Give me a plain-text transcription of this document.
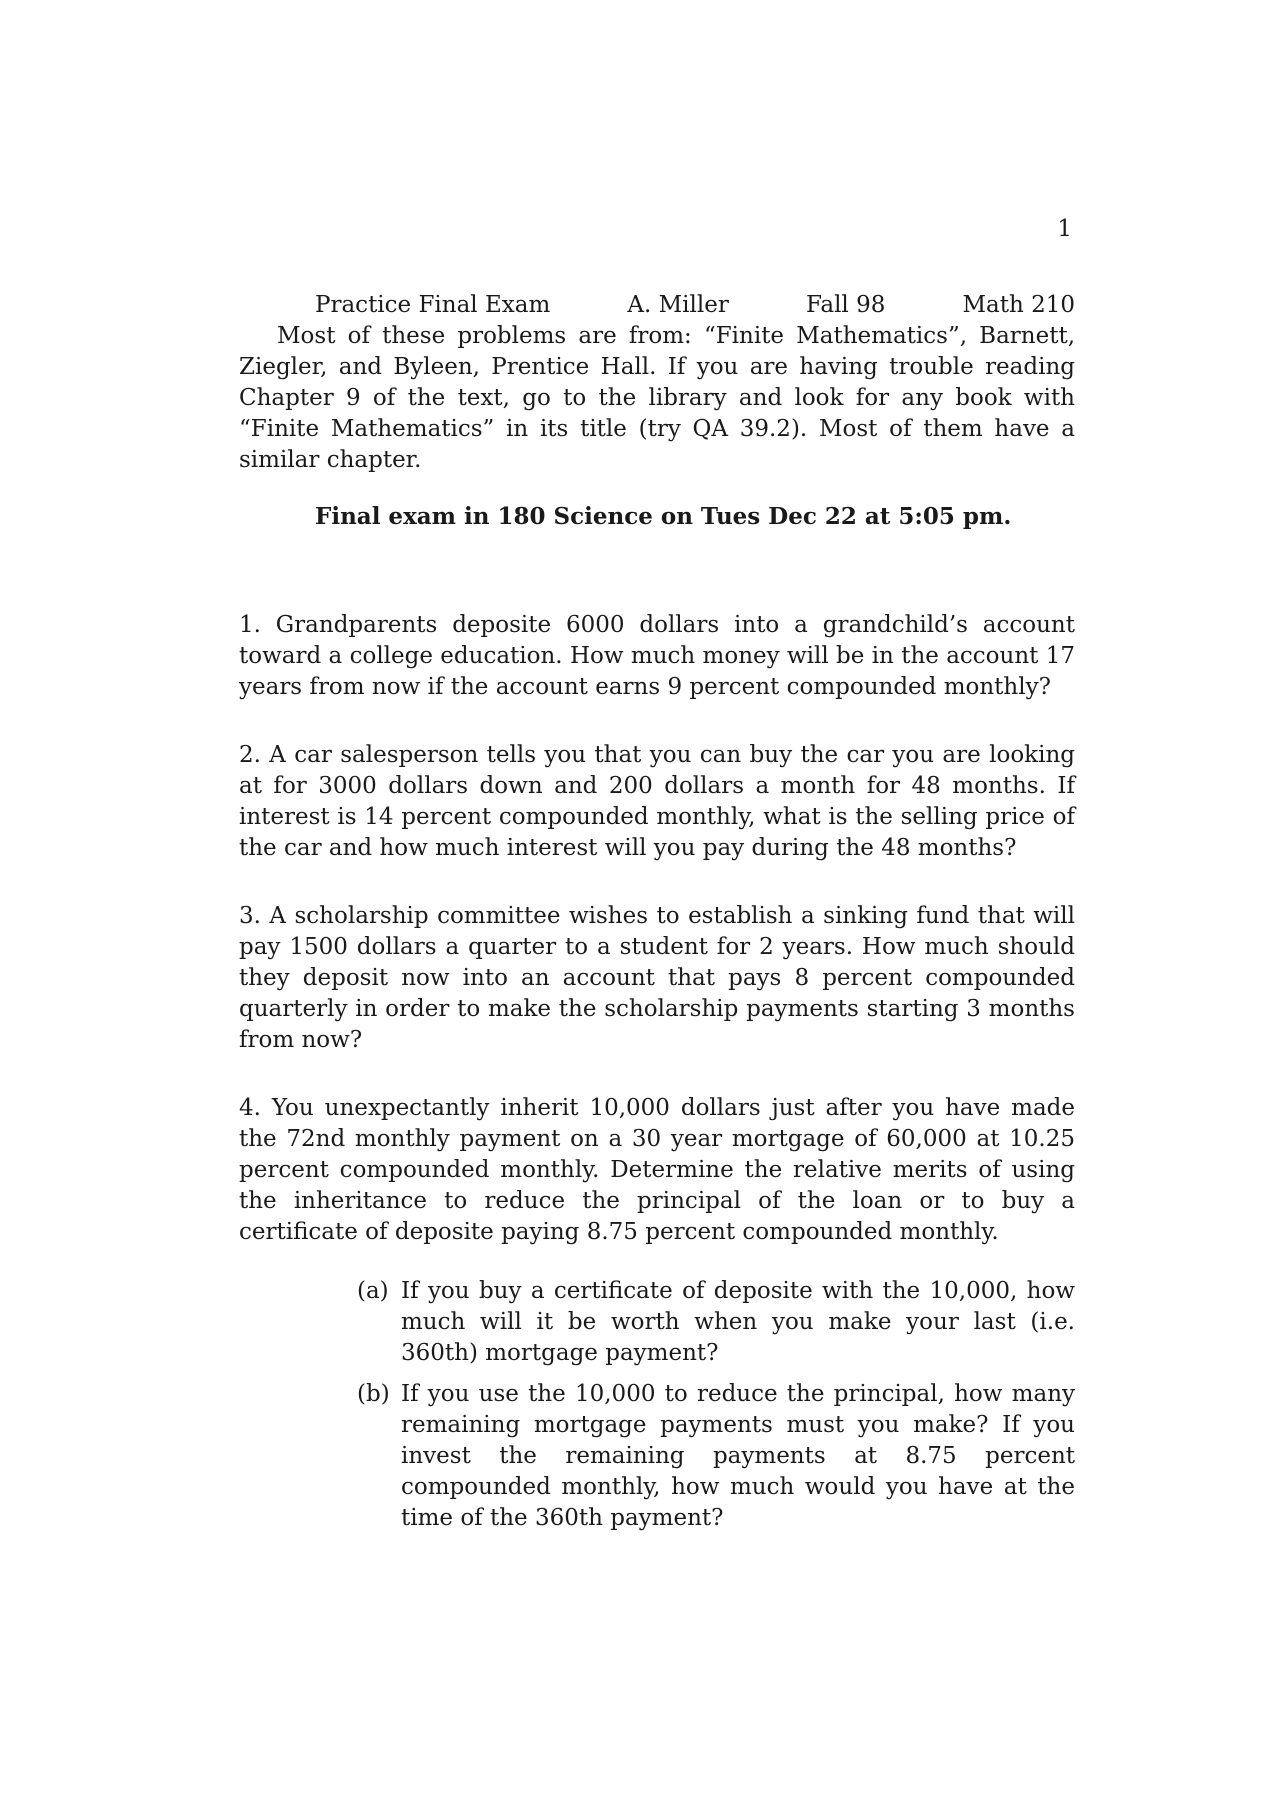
1
Practice Final Exam	A. Miller	Fall 98	Math 210

Most of these problems are from: “Finite Mathematics”, Barnett, Ziegler, and Byleen, Prentice Hall. If you are having trouble reading Chapter 9 of the text, go to the library and look for any book with “Finite Mathematics” in its title (try QA 39.2). Most of them have a similar chapter.

Final exam in 180 Science on Tues Dec 22 at 5:05 pm.

1. Grandparents deposite 6000 dollars into a grandchild’s account toward a college education. How much money will be in the account 17 years from now if the account earns 9 percent compounded monthly?

2. A car salesperson tells you that you can buy the car you are looking at for 3000 dollars down and 200 dollars a month for 48 months. If interest is 14 percent compounded monthly, what is the selling price of the car and how much interest will you pay during the 48 months?

3. A scholarship committee wishes to establish a sinking fund that will pay 1500 dollars a quarter to a student for 2 years. How much should they deposit now into an account that pays 8 percent compounded quarterly in order to make the scholarship payments starting 3 months from now?

4. You unexpectantly inherit 10,000 dollars just after you have made the 72nd monthly payment on a 30 year mortgage of 60,000 at 10.25 percent compounded monthly. Determine the relative merits of using the inheritance to reduce the principal of the loan or to buy a certificate of deposite paying 8.75 percent compounded monthly.

(a) If you buy a certificate of deposite with the 10,000, how much will it be worth when you make your last (i.e. 360th) mortgage payment?
(b) If you use the 10,000 to reduce the principal, how many remaining mortgage payments must you make? If you invest the remaining payments at 8.75 percent compounded monthly, how much would you have at the time of the 360th payment?
